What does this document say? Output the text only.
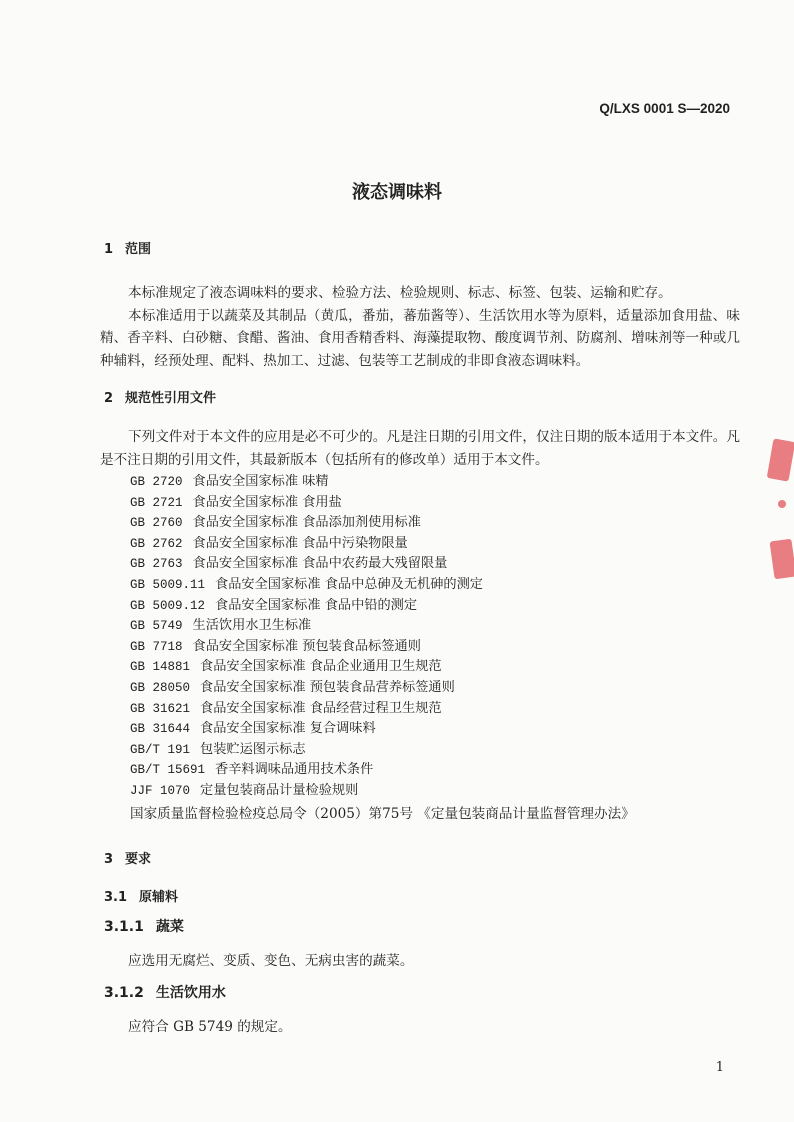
Q/LXS 0001 S—2020
液态调味料
1 范围
本标准规定了液态调味料的要求、检验方法、检验规则、标志、标签、包装、运输和贮存。
本标准适用于以蔬菜及其制品（黄瓜，番茄，蕃茄酱等）、生活饮用水等为原料，适量添加食用盐、味精、香辛料、白砂糖、食醋、酱油、食用香精香料、海藻提取物、酸度调节剂、防腐剂、增味剂等一种或几种辅料，经预处理、配料、热加工、过滤、包装等工艺制成的非即食液态调味料。
2 规范性引用文件
下列文件对于本文件的应用是必不可少的。凡是注日期的引用文件，仅注日期的版本适用于本文件。凡是不注日期的引用文件，其最新版本（包括所有的修改单）适用于本文件。
GB 2720 食品安全国家标准 味精
GB 2721 食品安全国家标准 食用盐
GB 2760 食品安全国家标准 食品添加剂使用标准
GB 2762 食品安全国家标准 食品中污染物限量
GB 2763 食品安全国家标准 食品中农药最大残留限量
GB 5009.11 食品安全国家标准 食品中总砷及无机砷的测定
GB 5009.12 食品安全国家标准 食品中铅的测定
GB 5749 生活饮用水卫生标准
GB 7718 食品安全国家标准 预包装食品标签通则
GB 14881 食品安全国家标准 食品企业通用卫生规范
GB 28050 食品安全国家标准 预包装食品营养标签通则
GB 31621 食品安全国家标准 食品经营过程卫生规范
GB 31644 食品安全国家标准 复合调味料
GB/T 191 包装贮运图示标志
GB/T 15691 香辛料调味品通用技术条件
JJF 1070 定量包装商品计量检验规则
国家质量监督检验检疫总局令（2005）第75号 《定量包装商品计量监督管理办法》
3 要求
3.1 原辅料
3.1.1 蔬菜
应选用无腐烂、变质、变色、无病虫害的蔬菜。
3.1.2 生活饮用水
应符合 GB 5749 的规定。
1
